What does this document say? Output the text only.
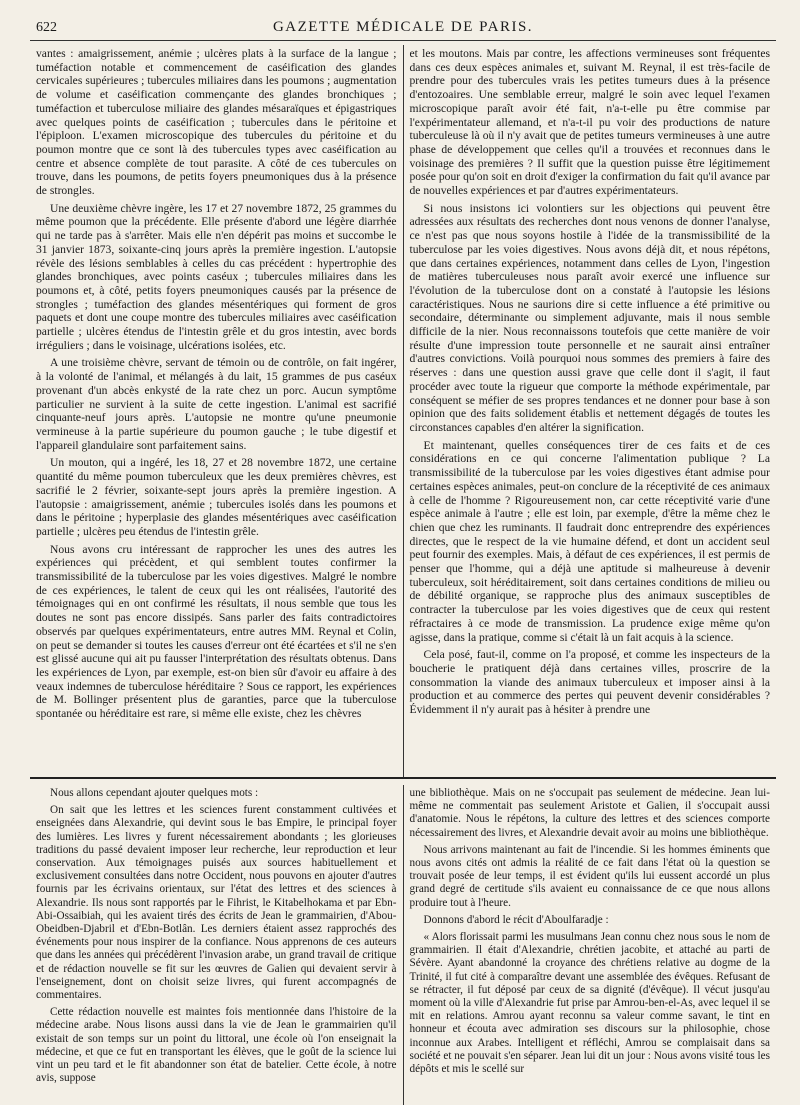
622	GAZETTE MÉDICALE DE PARIS.

vantes : amaigrissement, anémie ; ulcères plats à la surface de la langue ; tuméfaction notable et commencement de caséification des glandes cervicales supérieures ; tubercules miliaires dans les poumons ; augmentation de volume et caséification commençante des glandes bronchiques ; tuméfaction et tuberculose miliaire des glandes mésaraïques et épigastriques avec quelques points de caséification ; tubercules dans le péritoine et l'épiploon. L'examen microscopique des tubercules du péritoine et du poumon montre que ce sont là des tubercules types avec caséification au centre et absence complète de tout parasite. A côté de ces tubercules on trouve, dans les poumons, de petits foyers pneumoniques dus à la présence de strongles.

Une deuxième chèvre ingère, les 17 et 27 novembre 1872, 25 grammes du même poumon que la précédente. Elle présente d'abord une légère diarrhée qui ne tarde pas à s'arrêter. Mais elle n'en dépérit pas moins et succombe le 31 janvier 1873, soixante-cinq jours après la première ingestion. L'autopsie révèle des lésions semblables à celles du cas précédent : hypertrophie des glandes bronchiques, avec points caséux ; tubercules miliaires dans les poumons et, à côté, petits foyers pneumoniques causés par la présence de strongles ; tuméfaction des glandes mésentériques qui forment de gros paquets et dont une coupe montre des tubercules miliaires avec caséification partielle ; ulcères étendus de l'intestin grêle et du gros intestin, avec bords irréguliers ; dans le voisinage, ulcérations isolées, etc.

A une troisième chèvre, servant de témoin ou de contrôle, on fait ingérer, à la volonté de l'animal, et mélangés à du lait, 15 grammes de pus caséux provenant d'un abcès enkysté de la rate chez un porc. Aucun symptôme particulier ne survient à la suite de cette ingestion. L'animal est sacrifié cinquante-neuf jours après. L'autopsie ne montre qu'une pneumonie vermineuse à la partie supérieure du poumon gauche ; le tube digestif et l'appareil glandulaire sont parfaitement sains.

Un mouton, qui a ingéré, les 18, 27 et 28 novembre 1872, une certaine quantité du même poumon tuberculeux que les deux premières chèvres, est sacrifié le 2 février, soixante-sept jours après la première ingestion. A l'autopsie : amaigrissement, anémie ; tubercules isolés dans les poumons et dans le péritoine ; hyperplasie des glandes mésentériques avec caséification partielle ; ulcères peu étendus de l'intestin grêle.

Nous avons cru intéressant de rapprocher les unes des autres les expériences qui précèdent, et qui semblent toutes confirmer la transmissibilité de la tuberculose par les voies digestives. Malgré le nombre de ces expériences, le talent de ceux qui les ont réalisées, l'autorité des témoignages qui en ont confirmé les résultats, il nous semble que tous les doutes ne sont pas encore dissipés. Sans parler des faits contradictoires observés par quelques expérimentateurs, entre autres MM. Reynal et Colin, on peut se demander si toutes les causes d'erreur ont été écartées et s'il ne s'en est glissé aucune qui ait pu fausser l'interprétation des résultats obtenus. Dans les expériences de Lyon, par exemple, est-on bien sûr d'avoir eu affaire à des veaux indemnes de tuberculose héréditaire ? Sous ce rapport, les expériences de M. Bollinger présentent plus de garanties, parce que la tuberculose spontanée ou héréditaire est rare, si même elle existe, chez les chèvres

et les moutons. Mais par contre, les affections vermineuses sont fréquentes dans ces deux espèces animales et, suivant M. Reynal, il est très-facile de prendre pour des tubercules vrais les petites tumeurs dues à la présence d'entozoaires. Une semblable erreur, malgré le soin avec lequel l'examen microscopique paraît avoir été fait, n'a-t-elle pu être commise par l'expérimentateur allemand, et n'a-t-il pu voir des productions de nature tuberculeuse là où il n'y avait que de petites tumeurs vermineuses à une autre phase de développement que celles qu'il a trouvées et reconnues dans le voisinage des premières ? Il suffit que la question puisse être légitimement posée pour qu'on soit en droit d'exiger la confirmation du fait qu'il avance par de nouvelles expériences et par d'autres expérimentateurs.

Si nous insistons ici volontiers sur les objections qui peuvent être adressées aux résultats des recherches dont nous venons de donner l'analyse, ce n'est pas que nous soyons hostile à l'idée de la transmissibilité de la tuberculose par les voies digestives. Nous avons déjà dit, et nous répétons, que dans certaines expériences, notamment dans celles de Lyon, l'ingestion de matières tuberculeuses nous paraît avoir exercé une influence sur l'évolution de la tuberculose dont on a constaté à l'autopsie les lésions caractéristiques. Nous ne saurions dire si cette influence a été primitive ou secondaire, déterminante ou simplement adjuvante, mais il nous semble difficile de la nier. Nous reconnaissons toutefois que cette manière de voir résulte d'une impression toute personnelle et ne saurait ainsi entraîner d'autres convictions. Voilà pourquoi nous sommes des premiers à faire des réserves : dans une question aussi grave que celle dont il s'agit, il faut procéder avec toute la rigueur que comporte la méthode expérimentale, par conséquent se méfier de ses propres tendances et ne donner pour base à son opinion que des faits solidement établis et nettement dégagés de toutes les circonstances capables d'en altérer la signification.

Et maintenant, quelles conséquences tirer de ces faits et de ces considérations en ce qui concerne l'alimentation publique ? La transmissibilité de la tuberculose par les voies digestives étant admise pour certaines espèces animales, peut-on conclure de la réceptivité de ces animaux à celle de l'homme ? Rigoureusement non, car cette réceptivité varie d'une espèce animale à l'autre ; elle est loin, par exemple, d'être la même chez le chien que chez les ruminants. Il faudrait donc entreprendre des expériences directes, que le respect de la vie humaine défend, et dont un accident seul peut fournir des exemples. Mais, à défaut de ces expériences, il est permis de penser que l'homme, qui a déjà une aptitude si malheureuse à devenir tuberculeux, soit héréditairement, soit dans certaines conditions de milieu ou de débilité organique, se rapproche plus des animaux susceptibles de contracter la tuberculose par les voies digestives que de ceux qui restent réfractaires à ce mode de transmission. La prudence exige même qu'on agisse, dans la pratique, comme si c'était là un fait acquis à la science.

Cela posé, faut-il, comme on l'a proposé, et comme les inspecteurs de la boucherie le pratiquent déjà dans certaines villes, proscrire de la consommation la viande des animaux tuberculeux et imposer ainsi à la production et au commerce des pertes qui peuvent devenir considérables ? Évidemment il n'y aurait pas à hésiter à prendre une

Nous allons cependant ajouter quelques mots :

On sait que les lettres et les sciences furent constamment cultivées et enseignées dans Alexandrie, qui devint sous le bas Empire, le principal foyer des lumières. Les livres y furent nécessairement abondants ; les glorieuses traditions du passé devaient imposer leur recherche, leur reproduction et leur conservation. Aux témoignages puisés aux sources habituellement et exclusivement consultées dans notre Occident, nous pouvons en ajouter d'autres fournis par les écrivains orientaux, sur l'état des lettres et des sciences à Alexandrie. Ils nous sont rapportés par le Fihrist, le Kitabelhokama et par Ebn-Abi-Ossaibiah, qui les avaient tirés des écrits de Jean le grammairien, d'Abou-Obeidben-Djabril et d'Ebn-Botlân. Les derniers étaient assez rapprochés des événements pour nous inspirer de la confiance. Nous apprenons de ces auteurs que dans les années qui précédèrent l'invasion arabe, un grand travail de critique et de rédaction nouvelle se fit sur les œuvres de Galien qui devaient servir à l'enseignement, dont on choisit seize livres, qui furent accompagnés de commentaires.

Cette rédaction nouvelle est maintes fois mentionnée dans l'histoire de la médecine arabe. Nous lisons aussi dans la vie de Jean le grammairien qu'il existait de son temps sur un point du littoral, une école où l'on enseignait la médecine, et que ce fut en transportant les élèves, que le goût de la science lui vint un peu tard et le fit abandonner son état de batelier. Cette école, à notre avis, suppose

une bibliothèque. Mais on ne s'occupait pas seulement de médecine. Jean lui-même ne commentait pas seulement Aristote et Galien, il s'occupait aussi d'anatomie. Nous le répétons, la culture des lettres et des sciences comporte nécessairement des livres, et Alexandrie devait avoir au moins une bibliothèque.

Nous arrivons maintenant au fait de l'incendie. Si les hommes éminents que nous avons cités ont admis la réalité de ce fait dans l'état où la question se trouvait posée de leur temps, il est évident qu'ils lui eussent accordé un plus grand degré de certitude s'ils avaient eu connaissance de ce que nous allons produire tout à l'heure.

Donnons d'abord le récit d'Aboulfaradje :

« Alors florissait parmi les musulmans Jean connu chez nous sous le nom de grammairien. Il était d'Alexandrie, chrétien jacobite, et attaché au parti de Sévère. Ayant abandonné la croyance des chrétiens relative au dogme de la Trinité, il fut cité à comparaître devant une assemblée des évêques. Refusant de se rétracter, il fut déposé par ceux de sa dignité (d'évêque). Il vécut jusqu'au moment où la ville d'Alexandrie fut prise par Amrou-ben-el-As, avec lequel il se mit en relations. Amrou ayant reconnu sa valeur comme savant, le tint en honneur et écouta avec admiration ses discours sur la philosophie, chose inconnue aux Arabes. Intelligent et réfléchi, Amrou se complaisait dans sa société et ne pouvait s'en séparer. Jean lui dit un jour : Nous avons visité tous les dépôts et mis le scellé sur
